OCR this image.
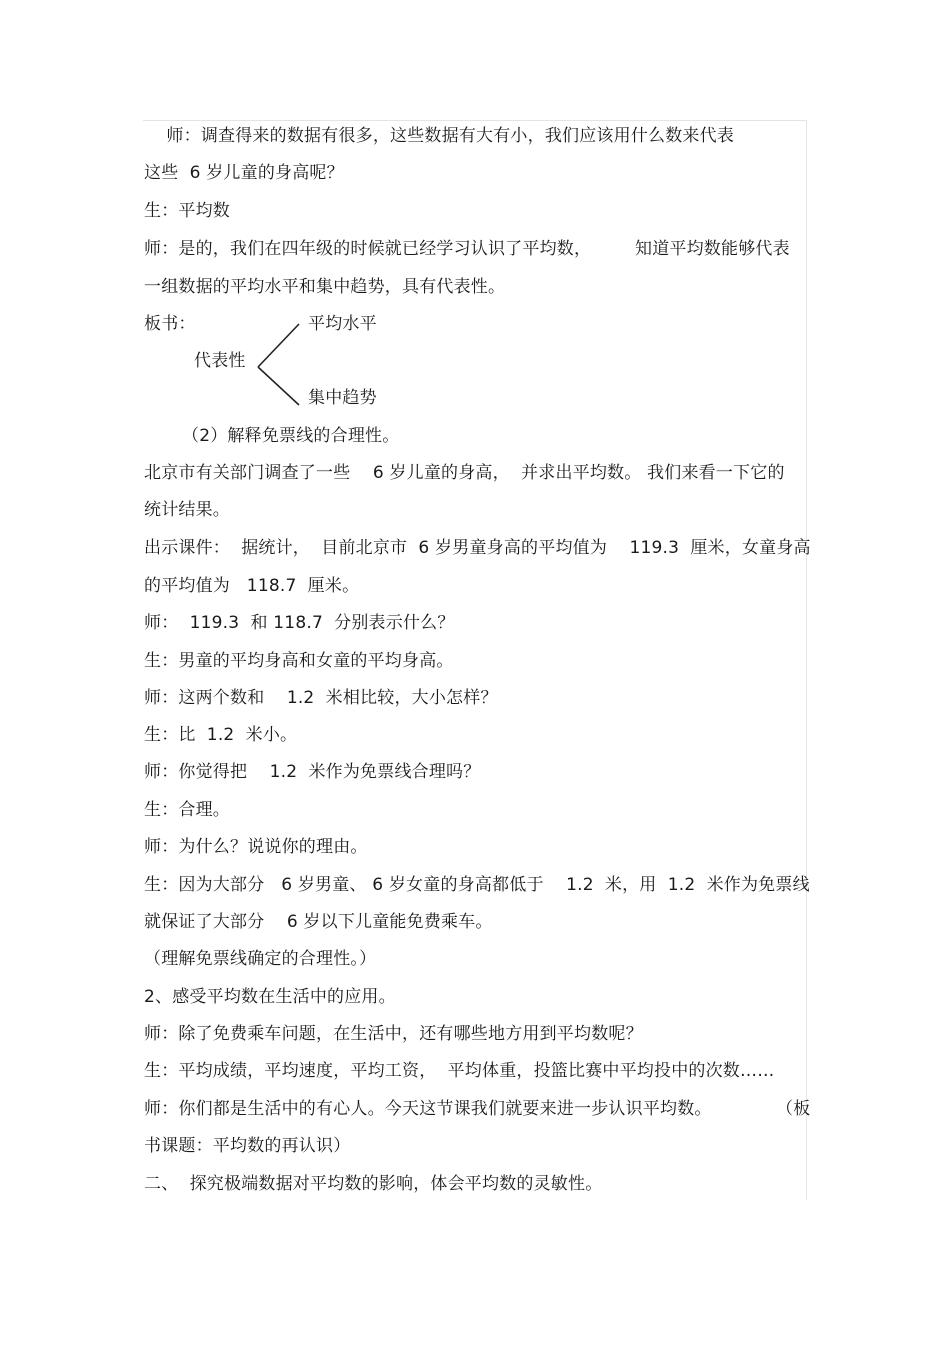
师：调查得来的数据有很多，这些数据有大有小，我们应该用什么数来代表
这些  6 岁儿童的身高呢？
生：平均数
师：是的，我们在四年级的时候就已经学习认识了平均数，	知道平均数能够代表
一组数据的平均水平和集中趋势，具有代表性。
板书：	平均水平
代表性
集中趋势
（2）解释免票线的合理性。
北京市有关部门调查了一些    6 岁儿童的身高，  并求出平均数。 我们来看一下它的
统计结果。
出示课件：  据统计，  目前北京市  6 岁男童身高的平均值为    119.3  厘米，女童身高
的平均值为   118.7  厘米。
师：  119.3  和 118.7  分别表示什么？
生：男童的平均身高和女童的平均身高。
师：这两个数和    1.2  米相比较，大小怎样？
生：比  1.2  米小。
师：你觉得把    1.2  米作为免票线合理吗？
生：合理。
师：为什么？说说你的理由。
生：因为大部分   6 岁男童、 6 岁女童的身高都低于    1.2  米，用  1.2  米作为免票线
就保证了大部分    6 岁以下儿童能免费乘车。
（理解免票线确定的合理性。）
2、感受平均数在生活中的应用。
师：除了免费乘车问题，在生活中，还有哪些地方用到平均数呢？
生：平均成绩，平均速度，平均工资，  平均体重，投篮比赛中平均投中的次数……
师：你们都是生活中的有心人。今天这节课我们就要来进一步认识平均数。	（板
书课题：平均数的再认识）
二、  探究极端数据对平均数的影响，体会平均数的灵敏性。
